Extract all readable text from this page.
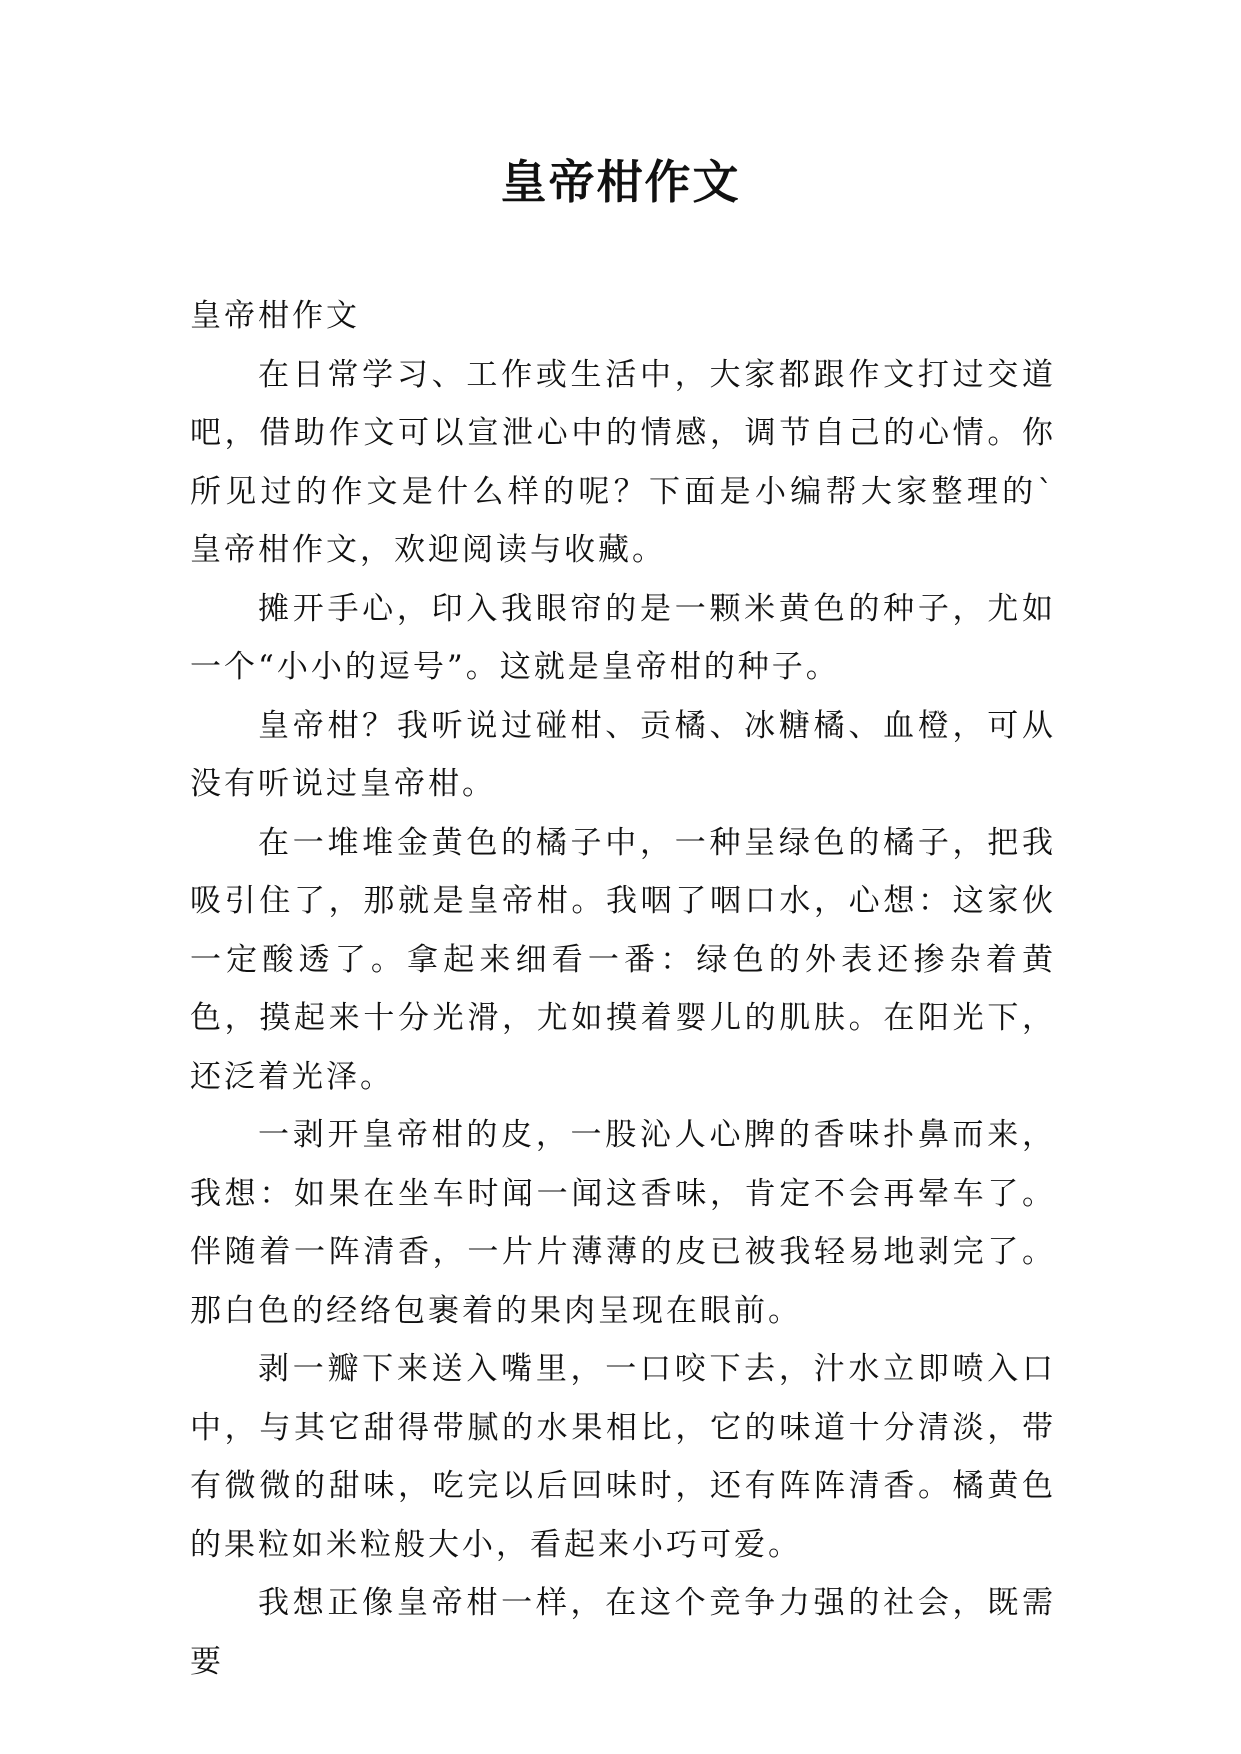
皇帝柑作文

皇帝柑作文

在日常学习、工作或生活中，大家都跟作文打过交道吧，借助作文可以宣泄心中的情感，调节自己的心情。你所见过的作文是什么样的呢？下面是小编帮大家整理的`皇帝柑作文，欢迎阅读与收藏。

摊开手心，印入我眼帘的是一颗米黄色的种子，尤如一个“小小的逗号”。这就是皇帝柑的种子。

皇帝柑？我听说过碰柑、贡橘、冰糖橘、血橙，可从没有听说过皇帝柑。

在一堆堆金黄色的橘子中，一种呈绿色的橘子，把我吸引住了，那就是皇帝柑。我咽了咽口水，心想：这家伙一定酸透了。拿起来细看一番：绿色的外表还掺杂着黄色，摸起来十分光滑，尤如摸着婴儿的肌肤。在阳光下，还泛着光泽。

一剥开皇帝柑的皮，一股沁人心脾的香味扑鼻而来，我想：如果在坐车时闻一闻这香味，肯定不会再晕车了。伴随着一阵清香，一片片薄薄的皮已被我轻易地剥完了。那白色的经络包裹着的果肉呈现在眼前。

剥一瓣下来送入嘴里，一口咬下去，汁水立即喷入口中，与其它甜得带腻的水果相比，它的味道十分清淡，带有微微的甜味，吃完以后回味时，还有阵阵清香。橘黄色的果粒如米粒般大小，看起来小巧可爱。

我想正像皇帝柑一样，在这个竞争力强的社会，既需要
